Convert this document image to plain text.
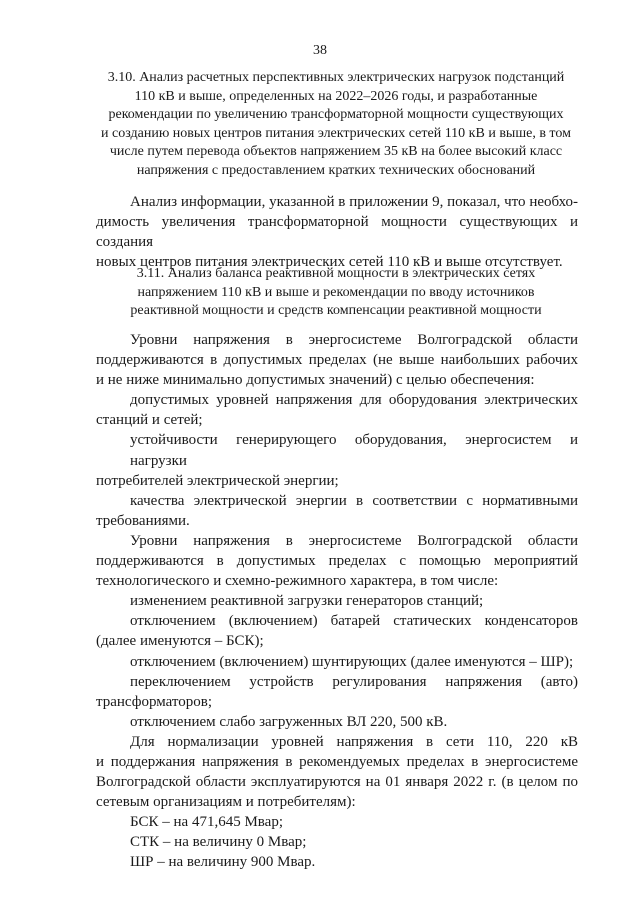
38
3.10. Анализ расчетных перспективных электрических нагрузок подстанций
110 кВ и выше, определенных на 2022–2026 годы, и разработанные
рекомендации по увеличению трансформаторной мощности существующих
и созданию новых центров питания электрических сетей 110 кВ и выше, в том
числе путем перевода объектов напряжением 35 кВ на более высокий класс
напряжения с предоставлением кратких технических обоснований
Анализ информации, указанной в приложении 9, показал, что необхо-
димость увеличения трансформаторной мощности существующих и создания
новых центров питания электрических сетей 110 кВ и выше отсутствует.
3.11. Анализ баланса реактивной мощности в электрических сетях
напряжением 110 кВ и выше и рекомендации по вводу источников
реактивной мощности и средств компенсации реактивной мощности
Уровни напряжения в энергосистеме Волгоградской области
поддерживаются в допустимых пределах (не выше наибольших рабочих
и не ниже минимально допустимых значений) с целью обеспечения:
допустимых уровней напряжения для оборудования электрических
станций и сетей;
устойчивости генерирующего оборудования, энергосистем и нагрузки
потребителей электрической энергии;
качества электрической энергии в соответствии с нормативными
требованиями.
Уровни напряжения в энергосистеме Волгоградской области
поддерживаются в допустимых пределах с помощью мероприятий
технологического и схемно-режимного характера, в том числе:
изменением реактивной загрузки генераторов станций;
отключением (включением) батарей статических конденсаторов
(далее именуются – БСК);
отключением (включением) шунтирующих (далее именуются – ШР);
переключением устройств регулирования напряжения (авто)
трансформаторов;
отключением слабо загруженных ВЛ 220, 500 кВ.
Для нормализации уровней напряжения в сети 110, 220 кВ
и поддержания напряжения в рекомендуемых пределах в энергосистеме
Волгоградской области эксплуатируются на 01 января 2022 г. (в целом по
сетевым организациям и потребителям):
БСК – на 471,645 Мвар;
СТК – на величину 0 Мвар;
ШР – на величину 900 Мвар.
